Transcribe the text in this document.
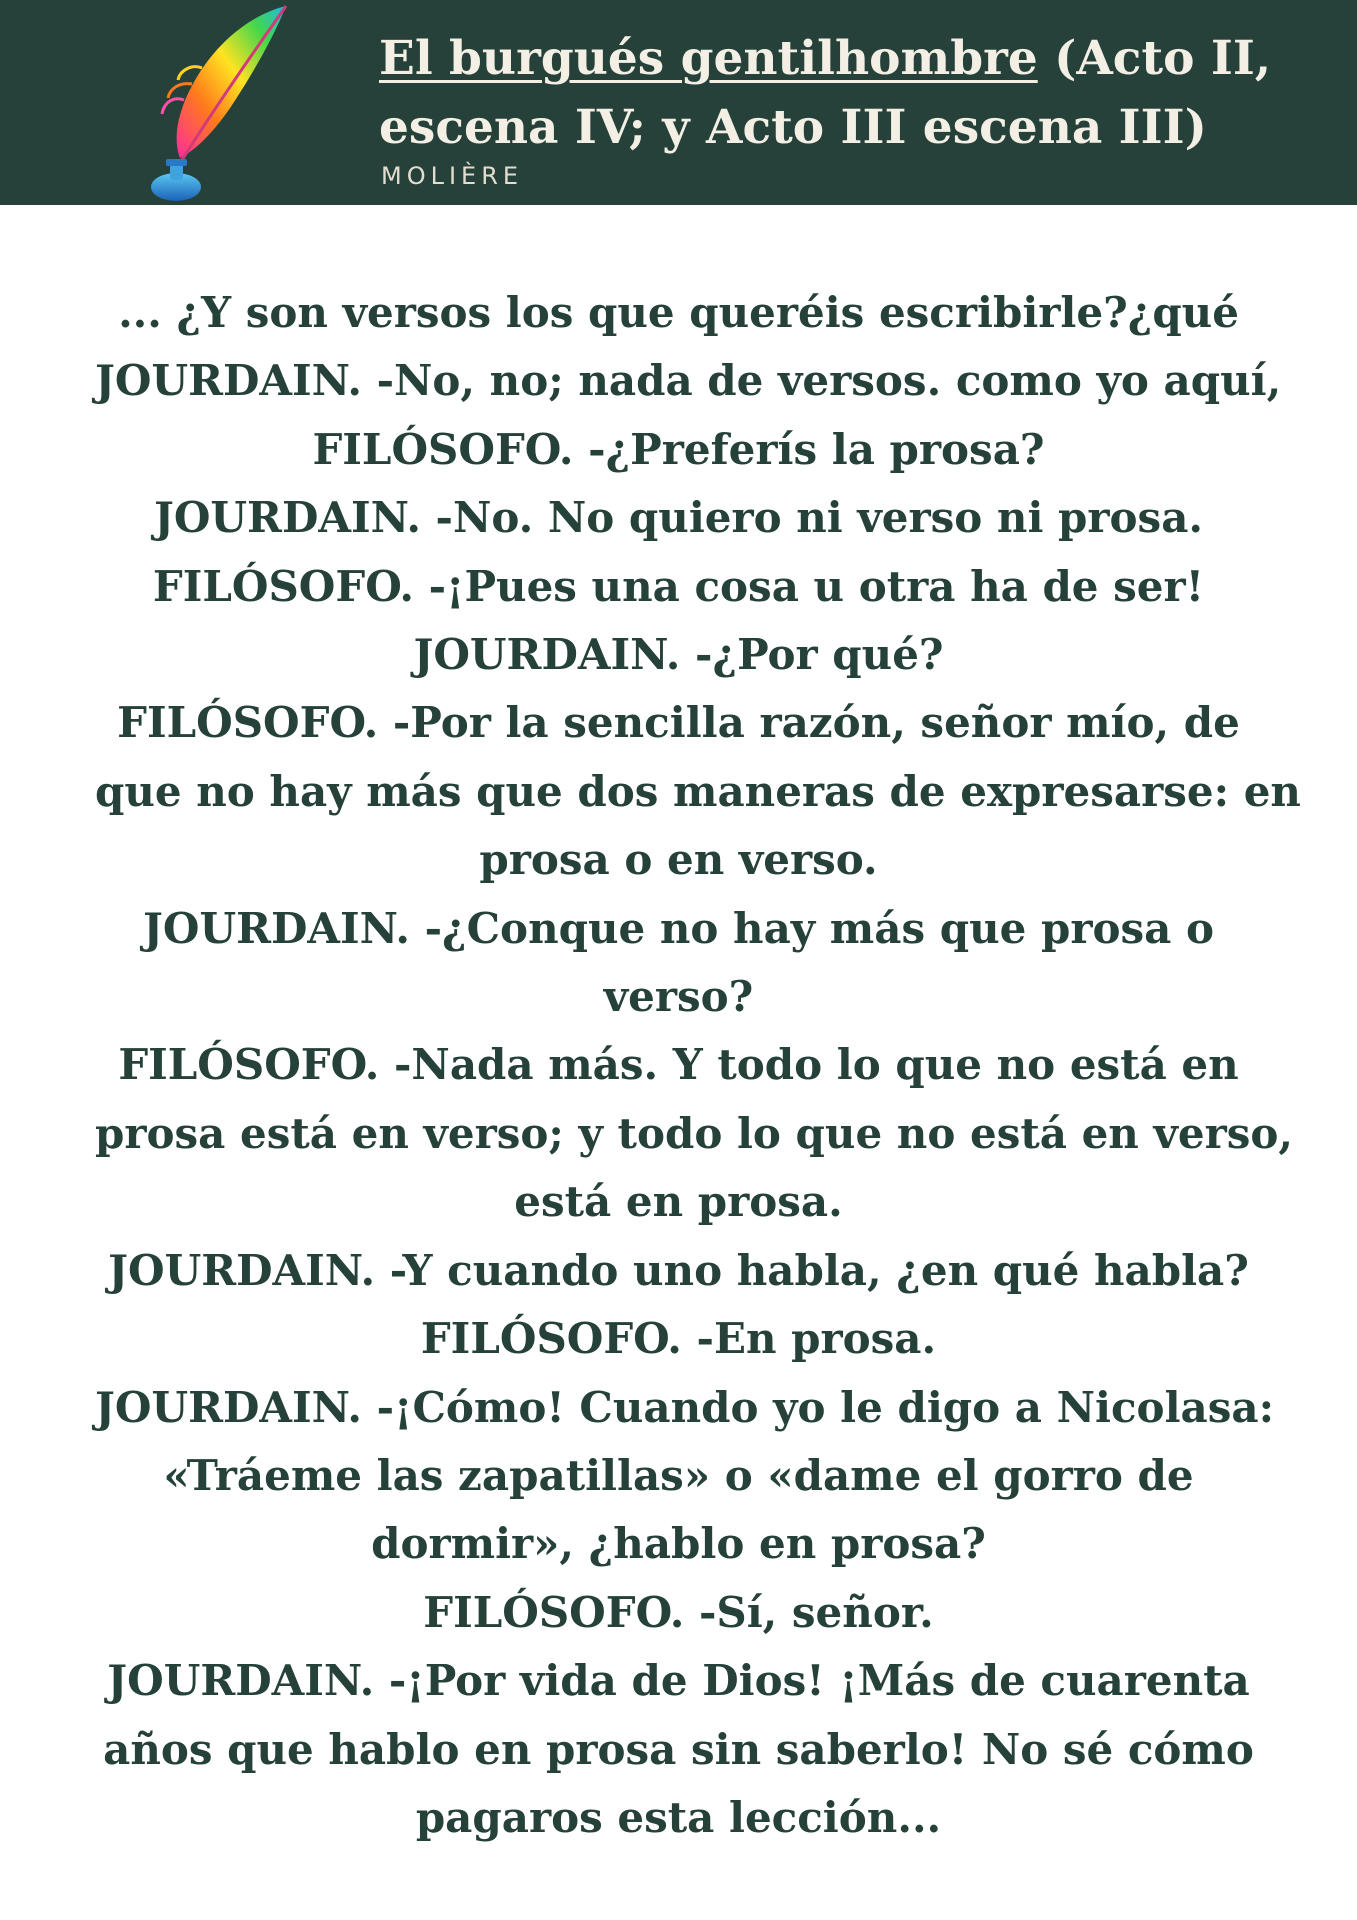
El burgués gentilhombre (Acto II, escena IV; y Acto III escena III)
MOLIÈRE
... ¿Y son versos los que queréis escribirle?¿qué
JOURDAIN. -No, no; nada de versos. como yo aquí,
FILÓSOFO. -¿Preferís la prosa?
JOURDAIN. -No. No quiero ni verso ni prosa.
FILÓSOFO. -¡Pues una cosa u otra ha de ser!
JOURDAIN. -¿Por qué?
FILÓSOFO. -Por la sencilla razón, señor mío, de
que no hay más que dos maneras de expresarse: en
prosa o en verso.
JOURDAIN. -¿Conque no hay más que prosa o
verso?
FILÓSOFO. -Nada más. Y todo lo que no está en
prosa está en verso; y todo lo que no está en verso,
está en prosa.
JOURDAIN. -Y cuando uno habla, ¿en qué habla?
FILÓSOFO. -En prosa.
JOURDAIN. -¡Cómo! Cuando yo le digo a Nicolasa:
«Tráeme las zapatillas» o «dame el gorro de
dormir», ¿hablo en prosa?
FILÓSOFO. -Sí, señor.
JOURDAIN. -¡Por vida de Dios! ¡Más de cuarenta
años que hablo en prosa sin saberlo! No sé cómo
pagaros esta lección...
